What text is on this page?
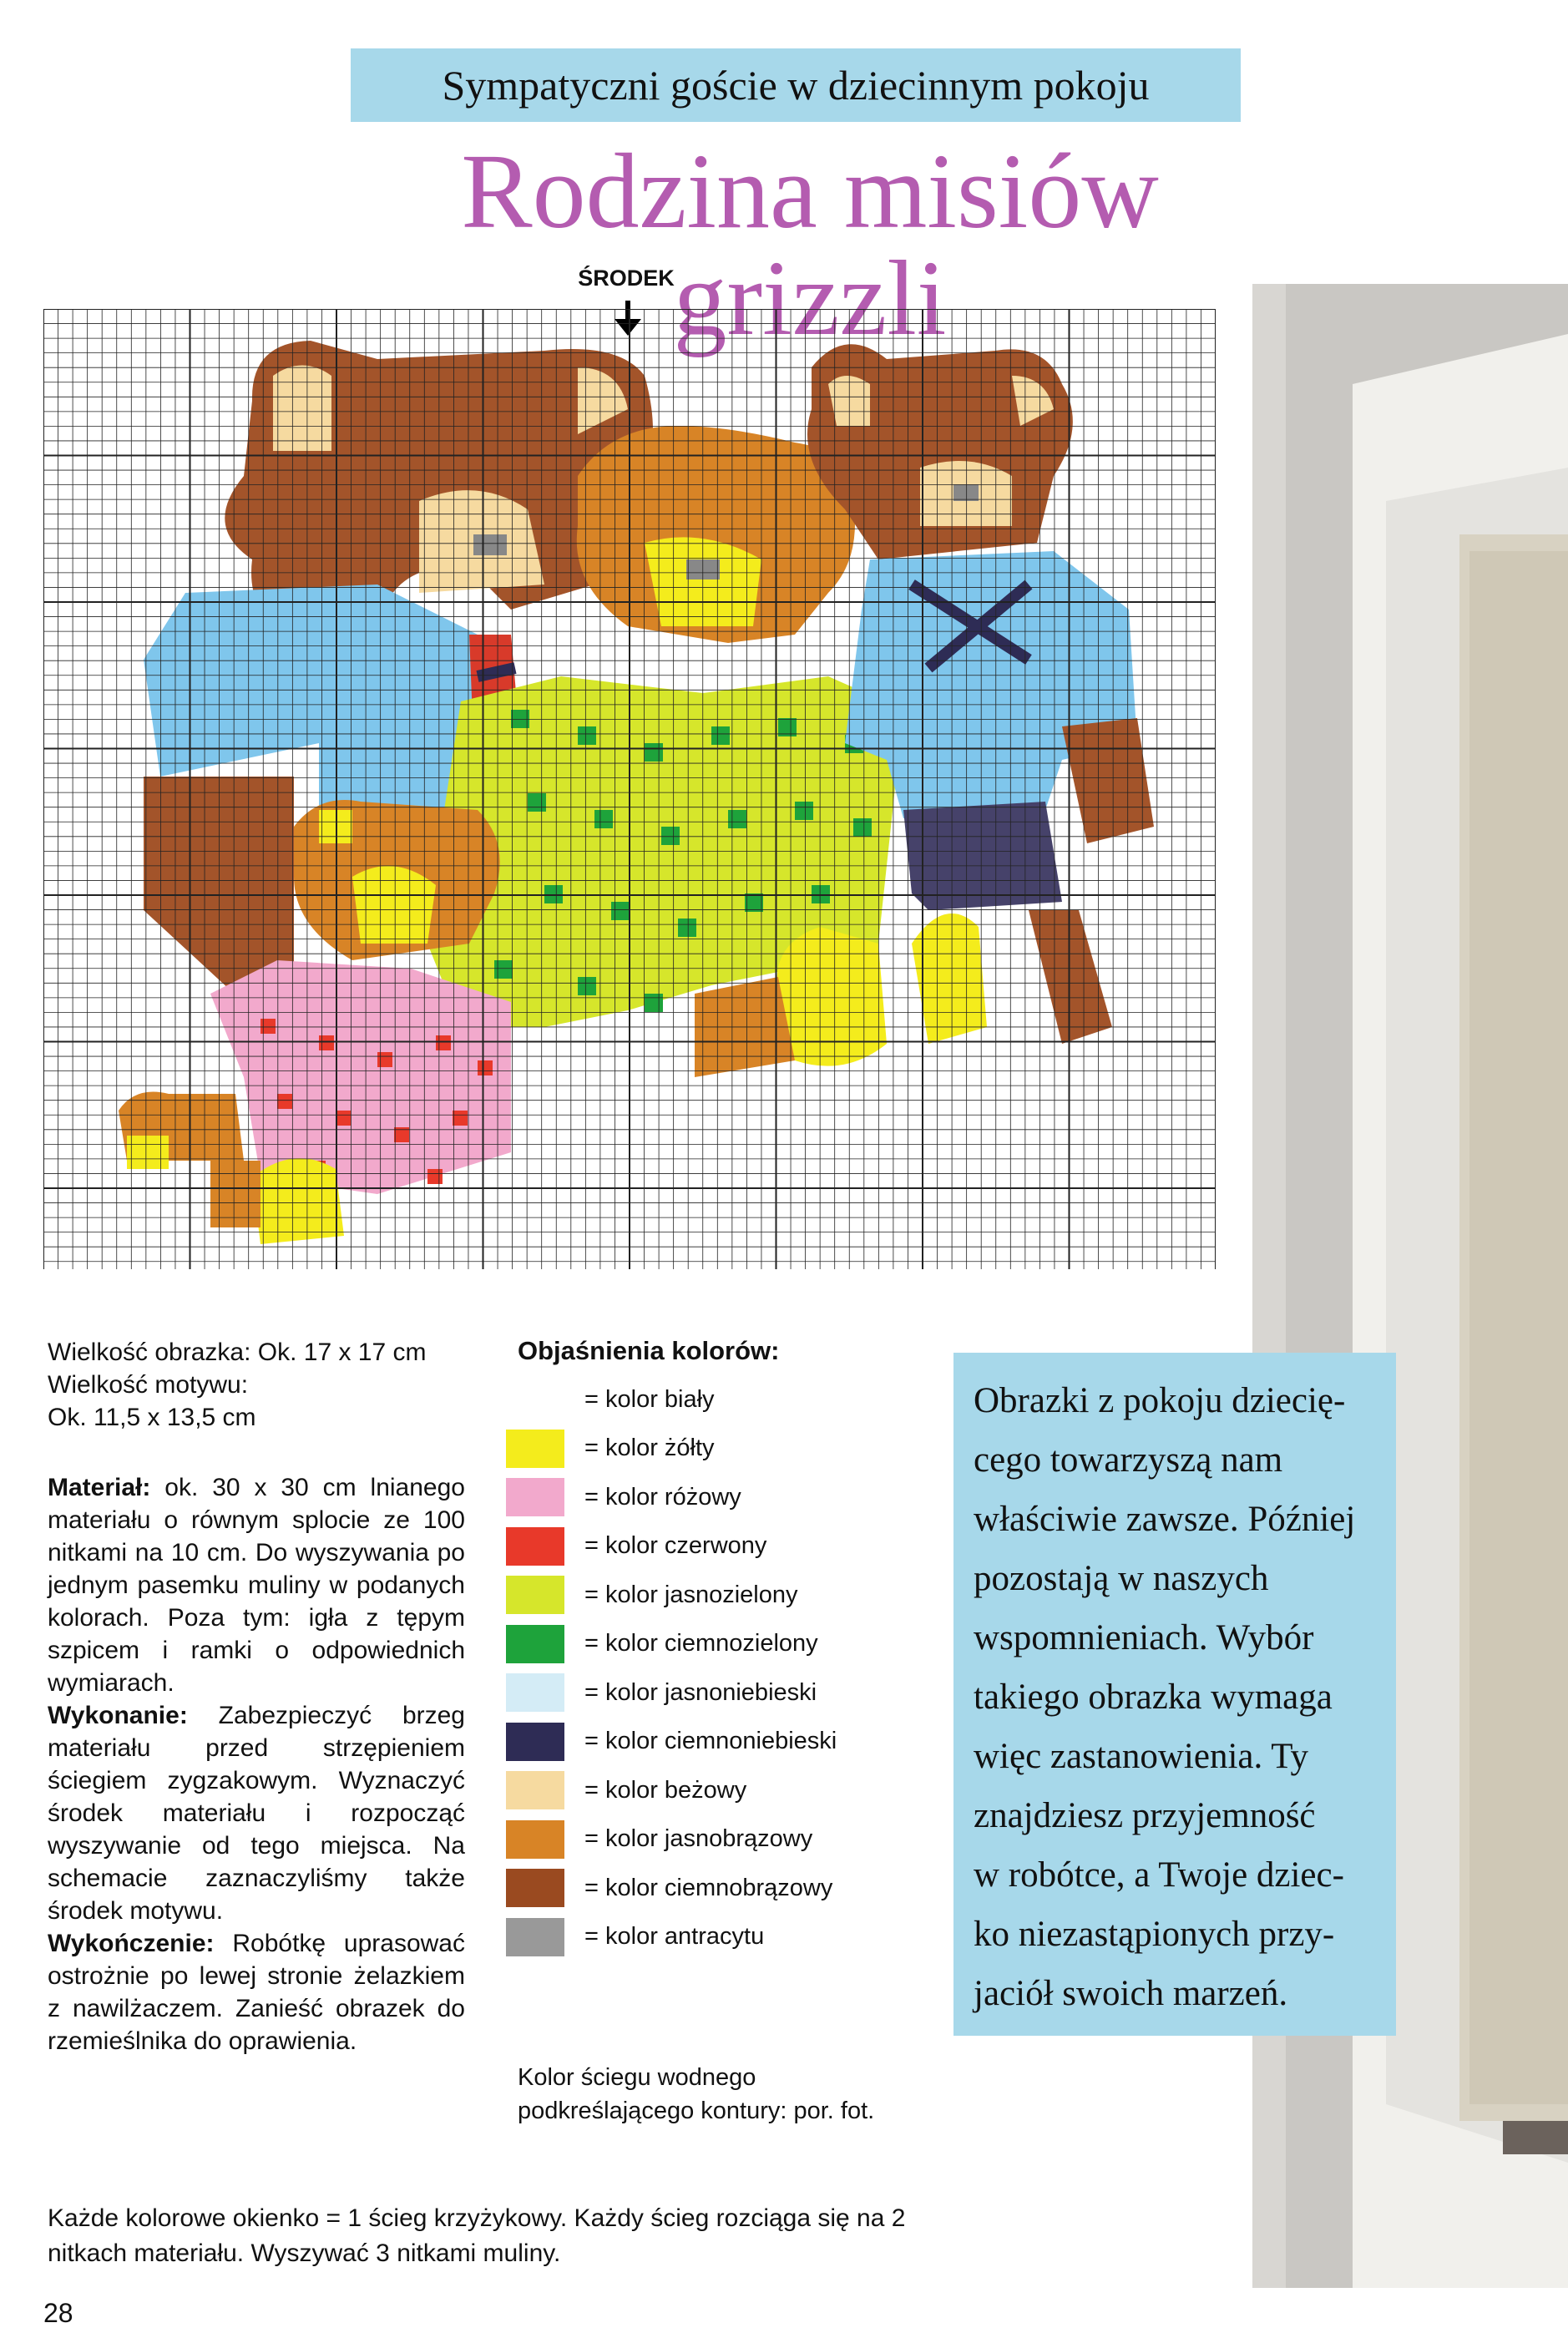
Sympatyczni goście w dziecinnym pokoju
Rodzina misiów grizzli
ŚRODEK

Wielkość obrazka: Ok. 17 x 17 cm

Wielkość motywu:

Ok. 11,5 x 13,5 cm

Materiał: ok. 30 x 30 cm lnianego materiału o równym splocie ze 100 nitkami na 10 cm. Do wyszywania po jednym pasemku muliny w podanych kolorach. Poza tym: igła z tępym szpicem i ramki o odpowiednich wymiarach.

Wykonanie: Zabezpieczyć brzeg materiału przed strzępieniem ściegiem zygzakowym. Wyznaczyć środek materiału i rozpocząć wyszywanie od tego miejsca. Na schemacie zaznaczyliśmy także środek motywu.

Wykończenie: Robótkę uprasować ostrożnie po lewej stronie żelazkiem z nawilżaczem. Zanieść obrazek do rzemieślnika do oprawienia.

Objaśnienia kolorów:
= kolor biały
= kolor żółty
= kolor różowy
= kolor czerwony
= kolor jasnozielony
= kolor ciemnozielony
= kolor jasnoniebieski
= kolor ciemnoniebieski
= kolor beżowy
= kolor jasnobrązowy
= kolor ciemnobrązowy
= kolor antracytu
Kolor ściegu wodnego podkreślającego kontury: por. fot.
Obrazki z pokoju dziecię-
cego towarzyszą nam
właściwie zawsze. Później
pozostają w naszych
wspomnieniach. Wybór
takiego obrazka wymaga
więc zastanowienia. Ty
znajdziesz przyjemność
w robótce, a Twoje dziec-
ko niezastąpionych przy-
jaciół swoich marzeń.
Każde kolorowe okienko = 1 ścieg krzyżykowy. Każdy ścieg rozciąga się na 2 nitkach materiału. Wyszywać 3 nitkami muliny.
28
